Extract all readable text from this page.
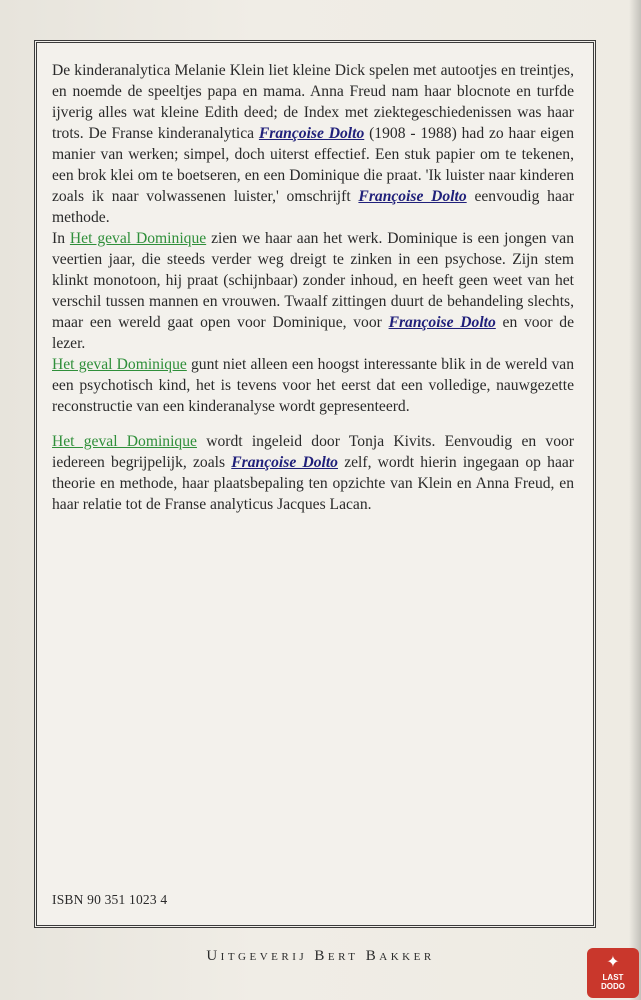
De kinderanalytica Melanie Klein liet kleine Dick spelen met autootjes en treintjes, en noemde de speeltjes papa en mama. Anna Freud nam haar blocnote en turfde ijverig alles wat kleine Edith deed; de Index met ziektegeschiedenissen was haar trots. De Franse kinderanalytica Françoise Dolto (1908 - 1988) had zo haar eigen manier van werken; simpel, doch uiterst effectief. Een stuk papier om te tekenen, een brok klei om te boetseren, en een Dominique die praat. 'Ik luister naar kinderen zoals ik naar volwassenen luister,' omschrijft Françoise Dolto eenvoudig haar methode.

In Het geval Dominique zien we haar aan het werk. Dominique is een jongen van veertien jaar, die steeds verder weg dreigt te zinken in een psychose. Zijn stem klinkt monotoon, hij praat (schijnbaar) zonder inhoud, en heeft geen weet van het verschil tussen mannen en vrouwen. Twaalf zittingen duurt de behandeling slechts, maar een wereld gaat open voor Dominique, voor Françoise Dolto en voor de lezer.

Het geval Dominique gunt niet alleen een hoogst interessante blik in de wereld van een psychotisch kind, het is tevens voor het eerst dat een volledige, nauwgezette reconstructie van een kinderanalyse wordt gepresenteerd.

Het geval Dominique wordt ingeleid door Tonja Kivits. Eenvoudig en voor iedereen begrijpelijk, zoals Françoise Dolto zelf, wordt hierin ingegaan op haar theorie en methode, haar plaatsbepaling ten opzichte van Klein en Anna Freud, en haar relatie tot de Franse analyticus Jacques Lacan.

ISBN 90 351 1023 4
Uitgeverij Bert Bakker	✦
LAST
DODO
